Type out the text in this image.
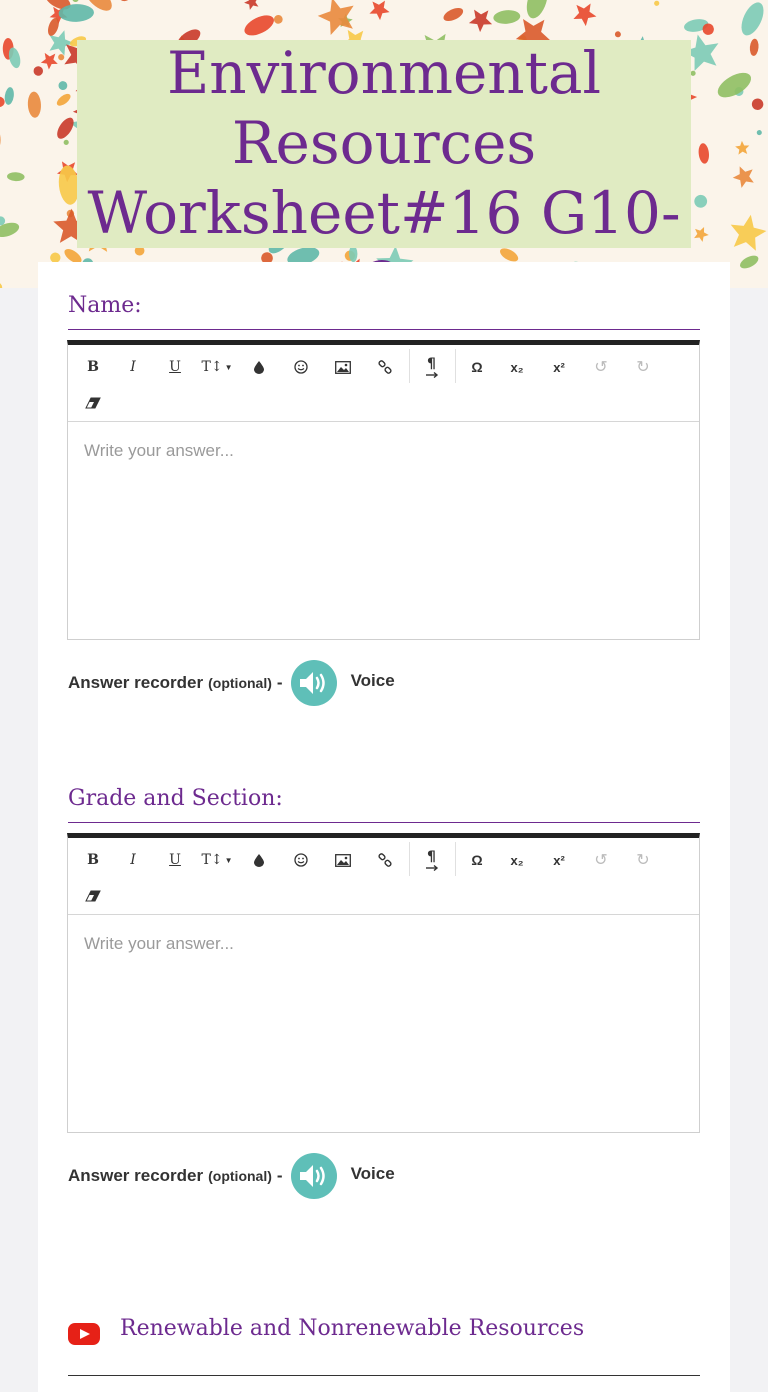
Environmental
Resources
Worksheet#16 G10-
Name:
B	I	U	T↕ ▼	¶	Ω	x₂	x²	↺	↻
Write your answer...
Answer recorder (optional) -	Voice
Grade and Section:
B	I	U	T↕ ▼	¶	Ω	x₂	x²	↺	↻
Write your answer...
Answer recorder (optional) -	Voice
Renewable and Nonrenewable Resources
